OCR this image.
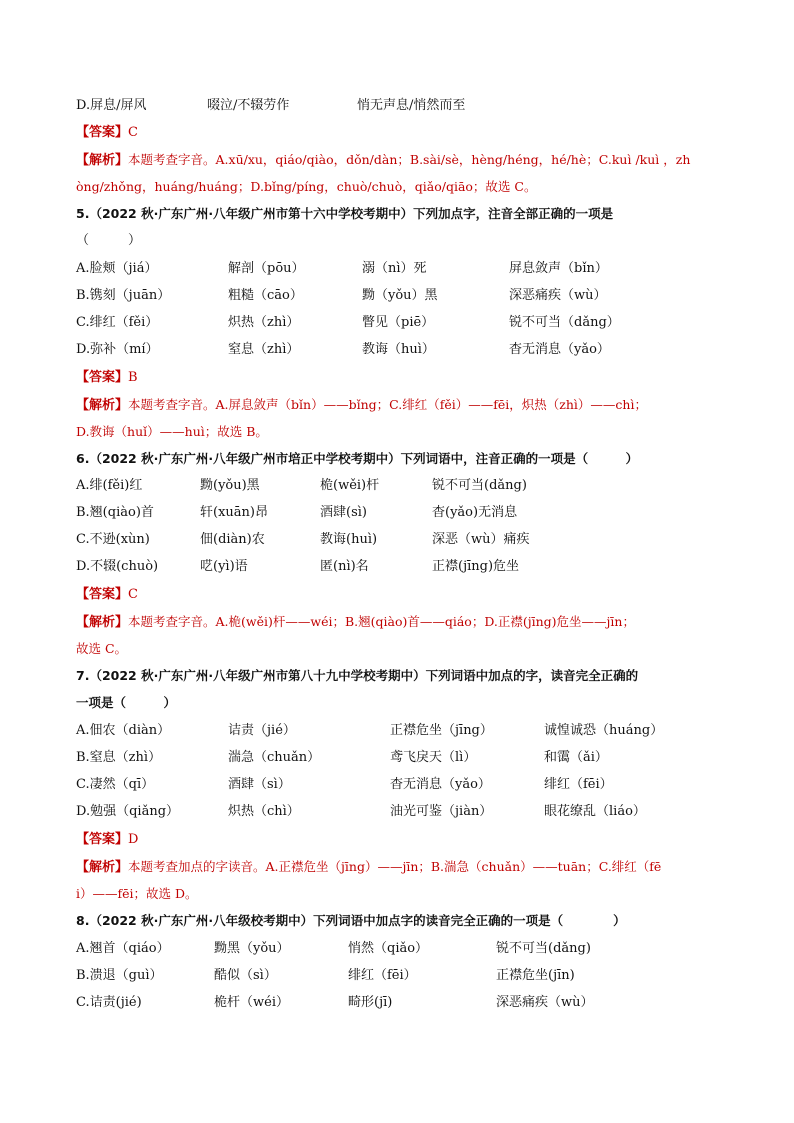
D.屏息/屏风	啜泣/不辍劳作	悄无声息/悄然而至
【答案】C
【解析】本题考查字音。A.xū/xu，qiáo/qiào，dǒn/dàn；B.sài/sè，hèng/héng，hé/hè；C.kuì /kuì ，zh
òng/zhǒng，huáng/huáng；D.bǐng/píng，chuò/chuò，qiǎo/qiāo；故选 C。
5.（2022 秋·广东广州·八年级广州市第十六中学校考期中）下列加点字，注音全部正确的一项是
（　　　）
A.脸颊（jiá）	解剖（pōu）	溺（nì）死	屏息敛声（bǐn）
B.镌刻（juān）	粗糙（cāo）	黝（yǒu）黑	深恶痛疾（wù）
C.绯红（fěi）	炽热（zhì）	瞥见（piē）	锐不可当（dǎng）
D.弥补（mí）	窒息（zhì）	教诲（huì）	杳无消息（yǎo）
【答案】B
【解析】本题考查字音。A.屏息敛声（bǐn）——bǐng；C.绯红（fěi）——fēi，炽热（zhì）——chì；
D.教诲（huǐ）——huì；故选 B。
6.（2022 秋·广东广州·八年级广州市培正中学校考期中）下列词语中，注音正确的一项是（　　　）
A.绯(fěi)红	黝(yǒu)黑	桅(wěi)杆	锐不可当(dǎng)
B.翘(qiào)首	轩(xuān)昂	酒肆(sì)	杳(yǎo)无消息
C.不逊(xùn)	佃(diàn)农	教诲(huì)	深恶（wù）痛疾
D.不辍(chuò)	呓(yì)语	匿(nì)名	正襟(jīng)危坐
【答案】C
【解析】本题考查字音。A.桅(wěi)杆——wéi；B.翘(qiào)首——qiáo；D.正襟(jīng)危坐——jīn；
故选 C。
7.（2022 秋·广东广州·八年级广州市第八十九中学校考期中）下列词语中加点的字，读音完全正确的
一项是（　　　）
A.佃农（diàn）	诘责（jié）	正襟危坐（jīng）	诚惶诚恐（huáng）
B.窒息（zhì）	湍急（chuǎn）	鸢飞戾天（lì）	和霭（ǎi）
C.凄然（qī）	酒肆（sì）	杳无消息（yǎo）	绯红（fēi）
D.勉强（qiǎng）	炽热（chì）	油光可鉴（jiàn）	眼花缭乱（liáo）
【答案】D
【解析】本题考查加点的字读音。A.正襟危坐（jīng）——jīn；B.湍急（chuǎn）——tuān；C.绯红（fē
i）——fēi；故选 D。
8.（2022 秋·广东广州·八年级校考期中）下列词语中加点字的读音完全正确的一项是（　　　　）
A.翘首（qiáo）	黝黑（yǒu）	悄然（qiǎo）	锐不可当(dǎng)
B.溃退（guì）	酷似（sì）	绯红（fēi）	正襟危坐(jīn)
C.诘责(jié)	桅杆（wéi）	畸形(jī)	深恶痛疾（wù）
